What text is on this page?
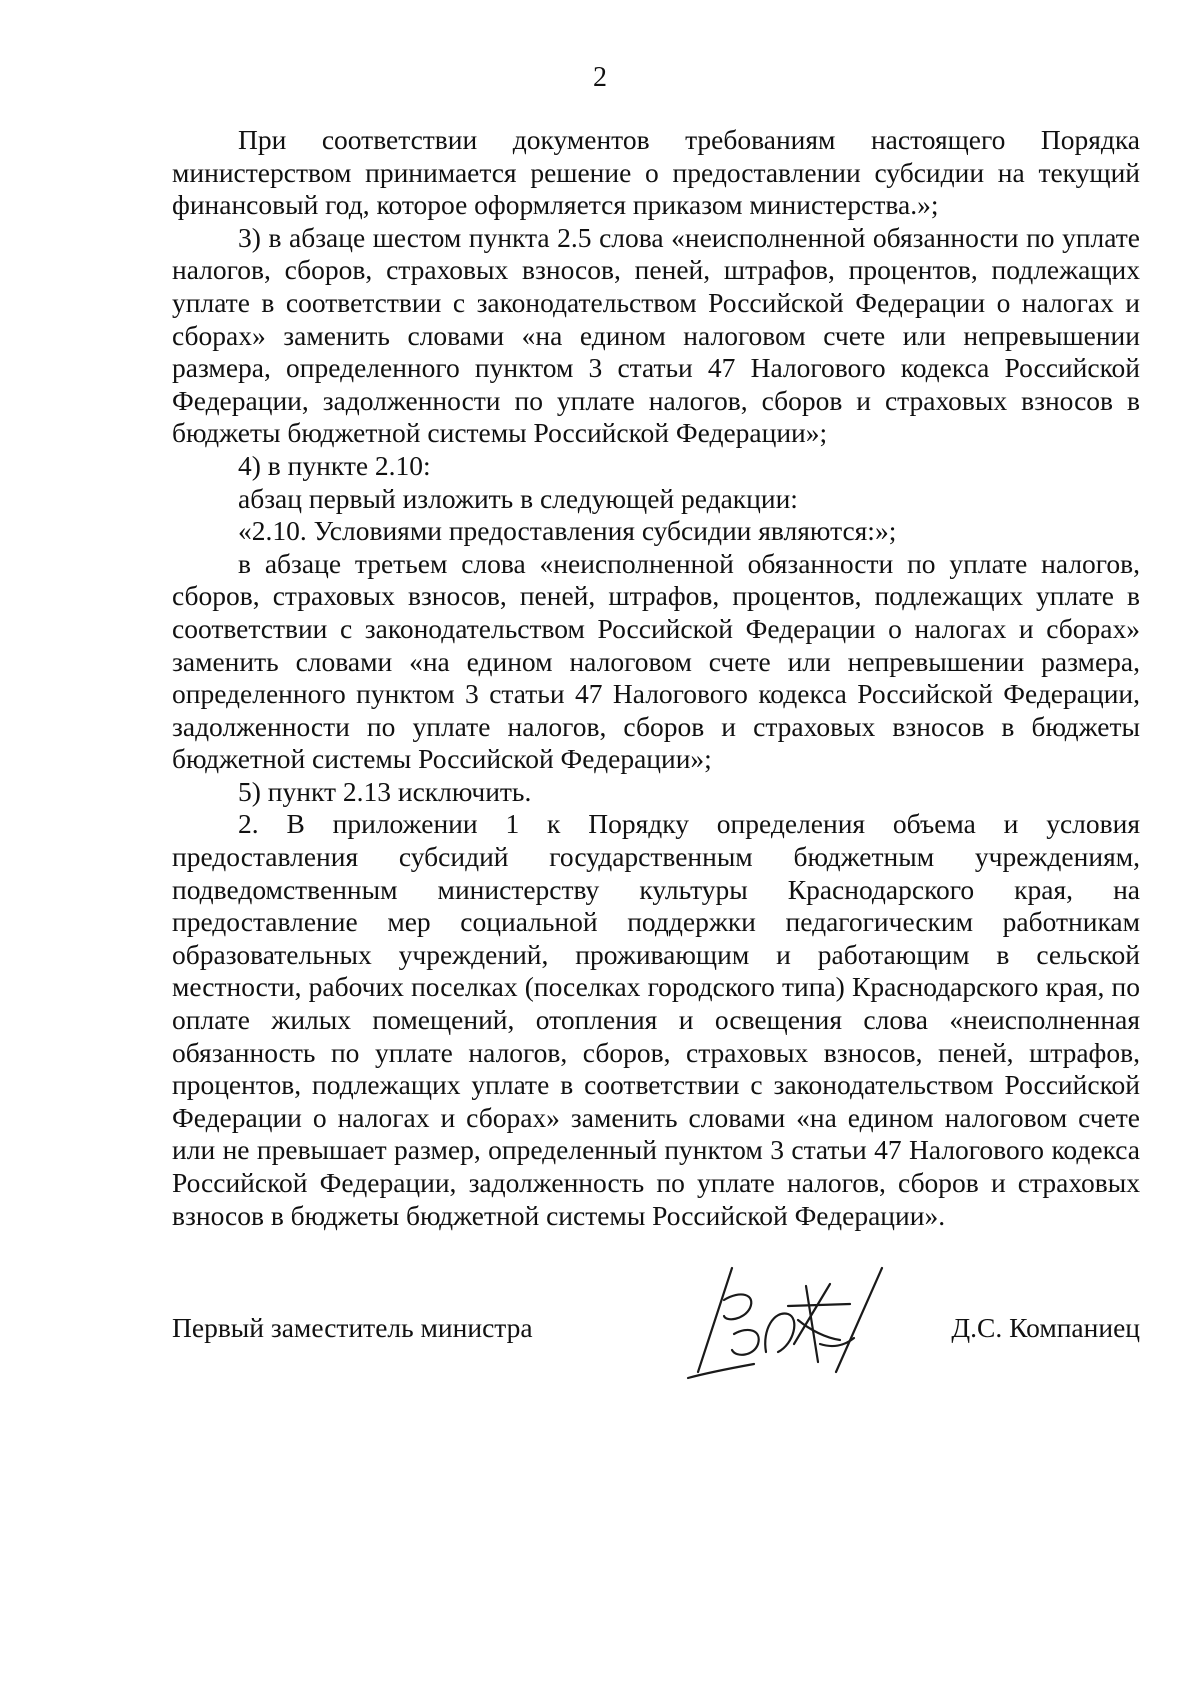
2

При соответствии документов требованиям настоящего Порядка министерством принимается решение о предоставлении субсидии на текущий финансовый год, которое оформляется приказом министерства.»;

3) в абзаце шестом пункта 2.5 слова «неисполненной обязанности по уплате налогов, сборов, страховых взносов, пеней, штрафов, процентов, подлежащих уплате в соответствии с законодательством Российской Федерации о налогах и сборах» заменить словами «на едином налоговом счете или непревышении размера, определенного пунктом 3 статьи 47 Налогового кодекса Российской Федерации, задолженности по уплате налогов, сборов и страховых взносов в бюджеты бюджетной системы Российской Федерации»;

4) в пункте 2.10:

абзац первый изложить в следующей редакции:

«2.10. Условиями предоставления субсидии являются:»;

в абзаце третьем слова «неисполненной обязанности по уплате налогов, сборов, страховых взносов, пеней, штрафов, процентов, подлежащих уплате в соответствии с законодательством Российской Федерации о налогах и сборах» заменить словами «на едином налоговом счете или непревышении размера, определенного пунктом 3 статьи 47 Налогового кодекса Российской Федерации, задолженности по уплате налогов, сборов и страховых взносов в бюджеты бюджетной системы Российской Федерации»;

5) пункт 2.13 исключить.

2. В приложении 1 к Порядку определения объема и условия предоставления субсидий государственным бюджетным учреждениям, подведомственным министерству культуры Краснодарского края, на предоставление мер социальной поддержки педагогическим работникам образовательных учреждений, проживающим и работающим в сельской местности, рабочих поселках (поселках городского типа) Краснодарского края, по оплате жилых помещений, отопления и освещения слова «неисполненная обязанность по уплате налогов, сборов, страховых взносов, пеней, штрафов, процентов, подлежащих уплате в соответствии с законодательством Российской Федерации о налогах и сборах» заменить словами «на едином налоговом счете или не превышает размер, определенный пунктом 3 статьи 47 Налогового кодекса Российской Федерации, задолженность по уплате налогов, сборов и страховых взносов в бюджеты бюджетной системы Российской Федерации».

Первый заместитель министра	Д.С. Компаниец
